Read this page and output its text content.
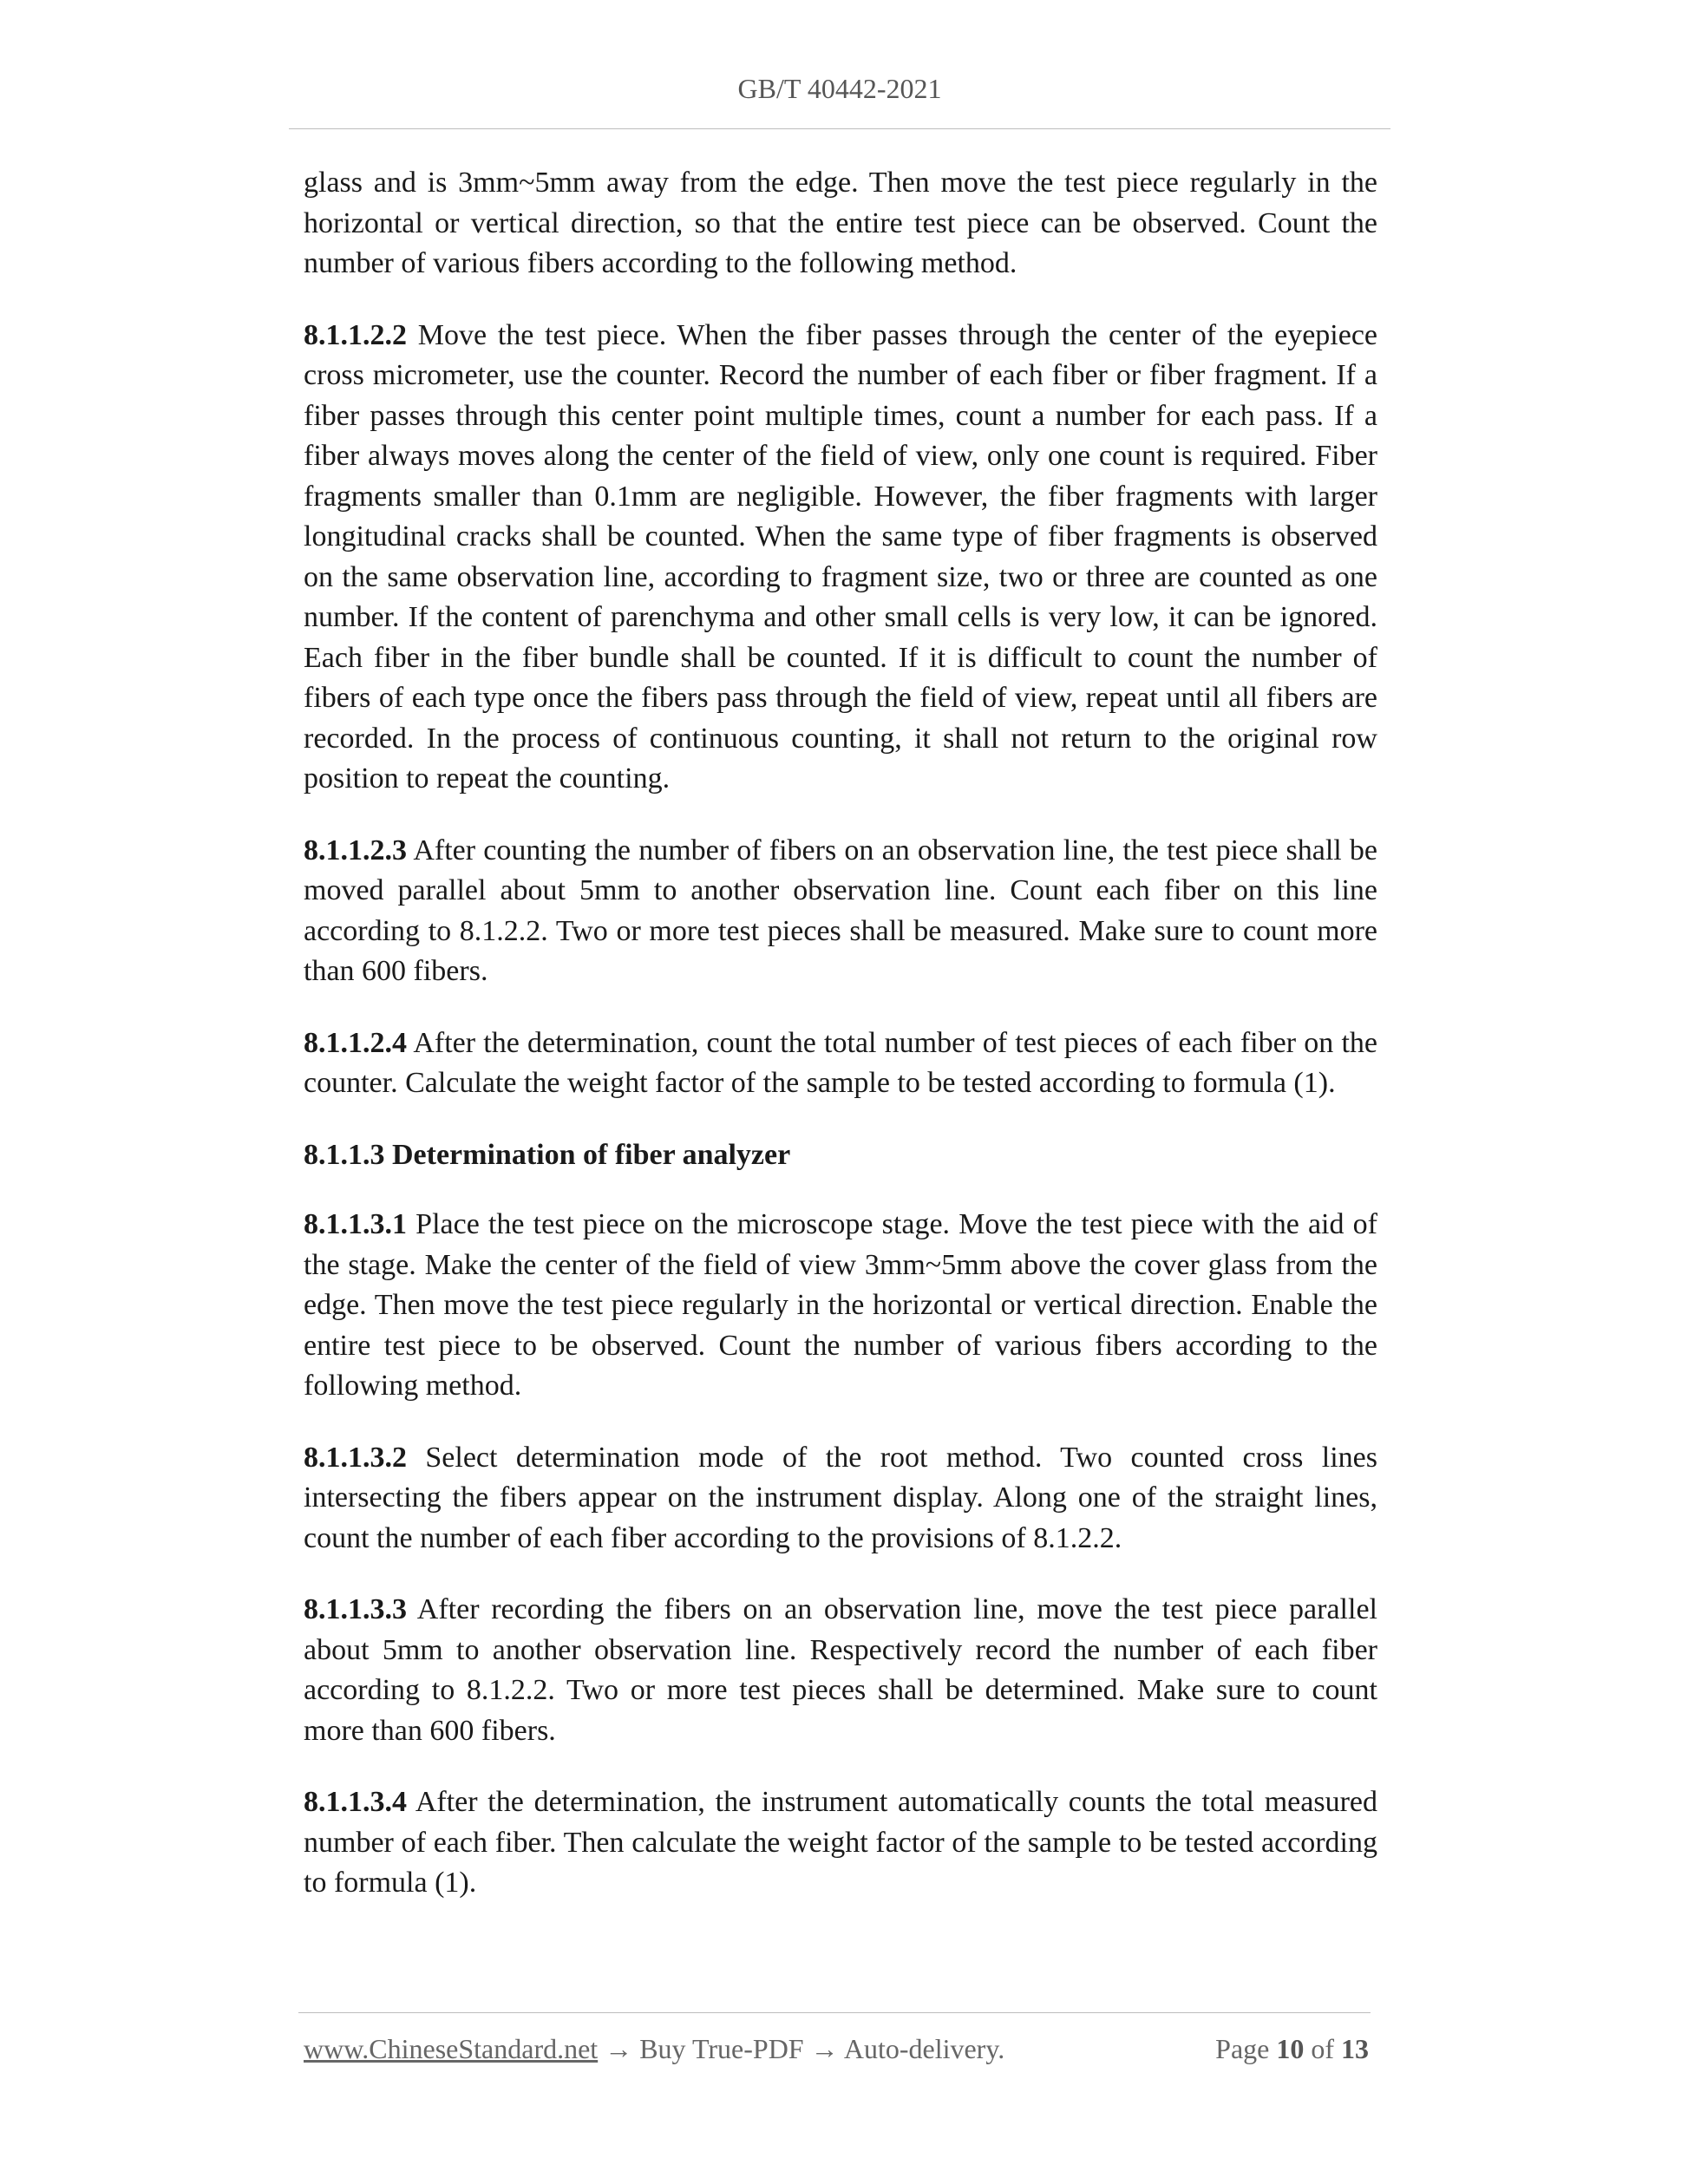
GB/T 40442-2021

glass and is 3mm~5mm away from the edge. Then move the test piece regularly in the horizontal or vertical direction, so that the entire test piece can be observed. Count the number of various fibers according to the following method.

8.1.1.2.2 Move the test piece. When the fiber passes through the center of the eyepiece cross micrometer, use the counter. Record the number of each fiber or fiber fragment. If a fiber passes through this center point multiple times, count a number for each pass. If a fiber always moves along the center of the field of view, only one count is required. Fiber fragments smaller than 0.1mm are negligible. However, the fiber fragments with larger longitudinal cracks shall be counted. When the same type of fiber fragments is observed on the same observation line, according to fragment size, two or three are counted as one number. If the content of parenchyma and other small cells is very low, it can be ignored. Each fiber in the fiber bundle shall be counted. If it is difficult to count the number of fibers of each type once the fibers pass through the field of view, repeat until all fibers are recorded. In the process of continuous counting, it shall not return to the original row position to repeat the counting.

8.1.1.2.3 After counting the number of fibers on an observation line, the test piece shall be moved parallel about 5mm to another observation line. Count each fiber on this line according to 8.1.2.2. Two or more test pieces shall be measured. Make sure to count more than 600 fibers.

8.1.1.2.4 After the determination, count the total number of test pieces of each fiber on the counter. Calculate the weight factor of the sample to be tested according to formula (1).

8.1.1.3 Determination of fiber analyzer

8.1.1.3.1 Place the test piece on the microscope stage. Move the test piece with the aid of the stage. Make the center of the field of view 3mm~5mm above the cover glass from the edge. Then move the test piece regularly in the horizontal or vertical direction. Enable the entire test piece to be observed. Count the number of various fibers according to the following method.

8.1.1.3.2 Select determination mode of the root method. Two counted cross lines intersecting the fibers appear on the instrument display. Along one of the straight lines, count the number of each fiber according to the provisions of 8.1.2.2.

8.1.1.3.3 After recording the fibers on an observation line, move the test piece parallel about 5mm to another observation line. Respectively record the number of each fiber according to 8.1.2.2. Two or more test pieces shall be determined. Make sure to count more than 600 fibers.

8.1.1.3.4 After the determination, the instrument automatically counts the total measured number of each fiber. Then calculate the weight factor of the sample to be tested according to formula (1).

www.ChineseStandard.net → Buy True-PDF → Auto-delivery.	Page 10 of 13
